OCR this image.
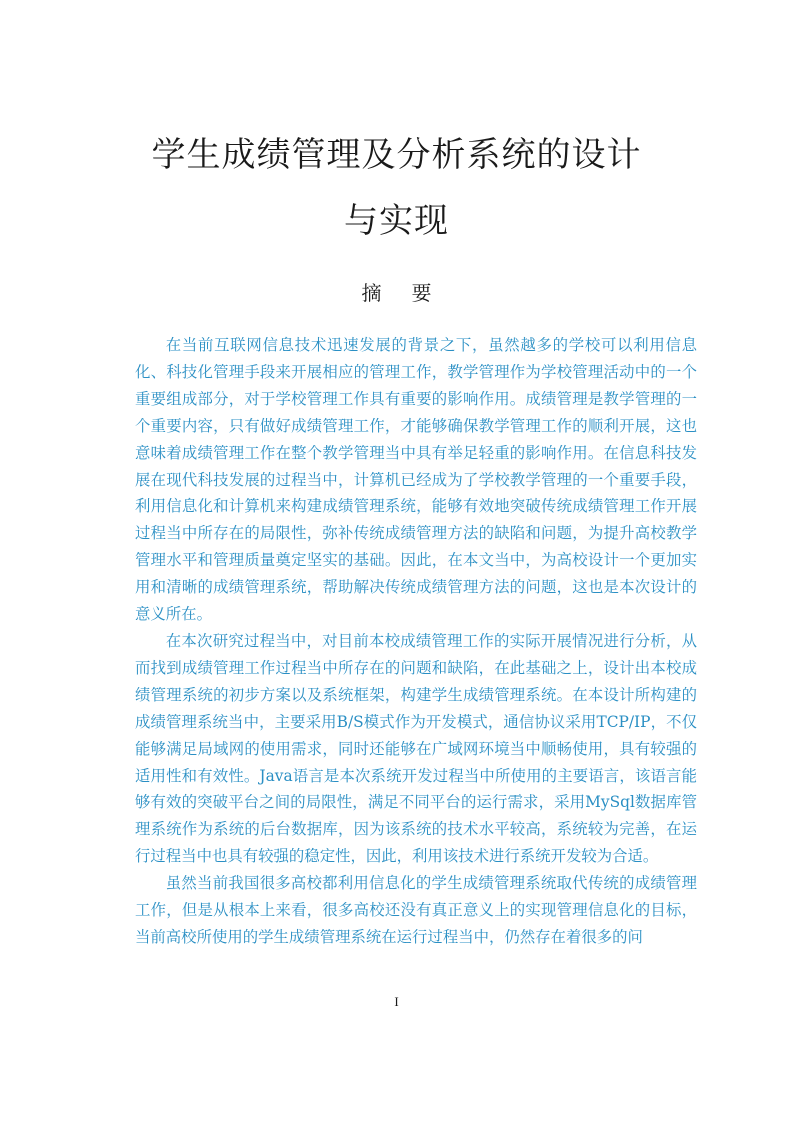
学生成绩管理及分析系统的设计
与实现
摘要

在当前互联网信息技术迅速发展的背景之下，虽然越多的学校可以利用信息化、科技化管理手段来开展相应的管理工作，教学管理作为学校管理活动中的一个重要组成部分，对于学校管理工作具有重要的影响作用。成绩管理是教学管理的一个重要内容，只有做好成绩管理工作，才能够确保教学管理工作的顺利开展，这也意味着成绩管理工作在整个教学管理当中具有举足轻重的影响作用。在信息科技发展在现代科技发展的过程当中，计算机已经成为了学校教学管理的一个重要手段，利用信息化和计算机来构建成绩管理系统，能够有效地突破传统成绩管理工作开展过程当中所存在的局限性，弥补传统成绩管理方法的缺陷和问题，为提升高校教学管理水平和管理质量奠定坚实的基础。因此，在本文当中，为高校设计一个更加实用和清晰的成绩管理系统，帮助解决传统成绩管理方法的问题，这也是本次设计的意义所在。

在本次研究过程当中，对目前本校成绩管理工作的实际开展情况进行分析，从而找到成绩管理工作过程当中所存在的问题和缺陷，在此基础之上，设计出本校成绩管理系统的初步方案以及系统框架，构建学生成绩管理系统。在本设计所构建的成绩管理系统当中，主要采用B/S模式作为开发模式，通信协议采用TCP/IP，不仅能够满足局域网的使用需求，同时还能够在广域网环境当中顺畅使用，具有较强的适用性和有效性。Java语言是本次系统开发过程当中所使用的主要语言，该语言能够有效的突破平台之间的局限性，满足不同平台的运行需求，采用MySql数据库管理系统作为系统的后台数据库，因为该系统的技术水平较高，系统较为完善，在运行过程当中也具有较强的稳定性，因此，利用该技术进行系统开发较为合适。

虽然当前我国很多高校都利用信息化的学生成绩管理系统取代传统的成绩管理工作，但是从根本上来看，很多高校还没有真正意义上的实现管理信息化的目标，当前高校所使用的学生成绩管理系统在运行过程当中，仍然存在着很多的问

I
